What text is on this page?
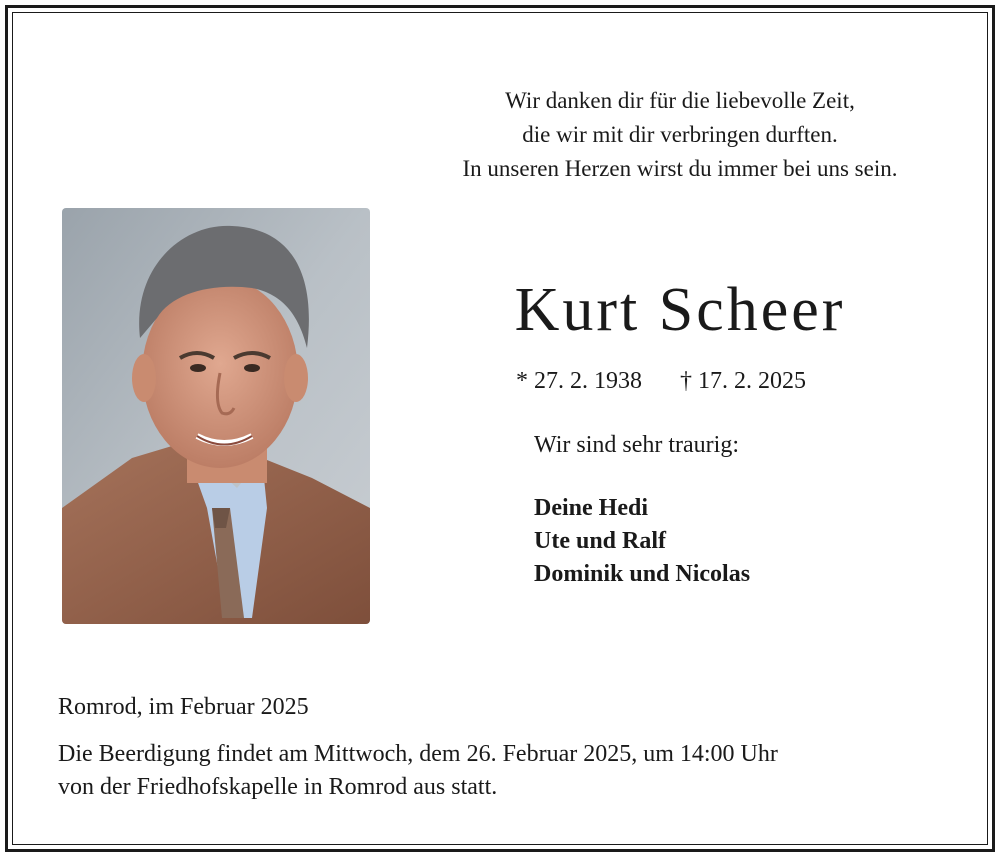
Wir danken dir für die liebevolle Zeit,
die wir mit dir verbringen durften.
In unseren Herzen wirst du immer bei uns sein.
Kurt Scheer
* 27. 2. 1938 † 17. 2. 2025
Wir sind sehr traurig:
Deine Hedi
Ute und Ralf
Dominik und Nicolas
Romrod, im Februar 2025
Die Beerdigung findet am Mittwoch, dem 26. Februar 2025, um 14:00 Uhr
von der Friedhofskapelle in Romrod aus statt.
